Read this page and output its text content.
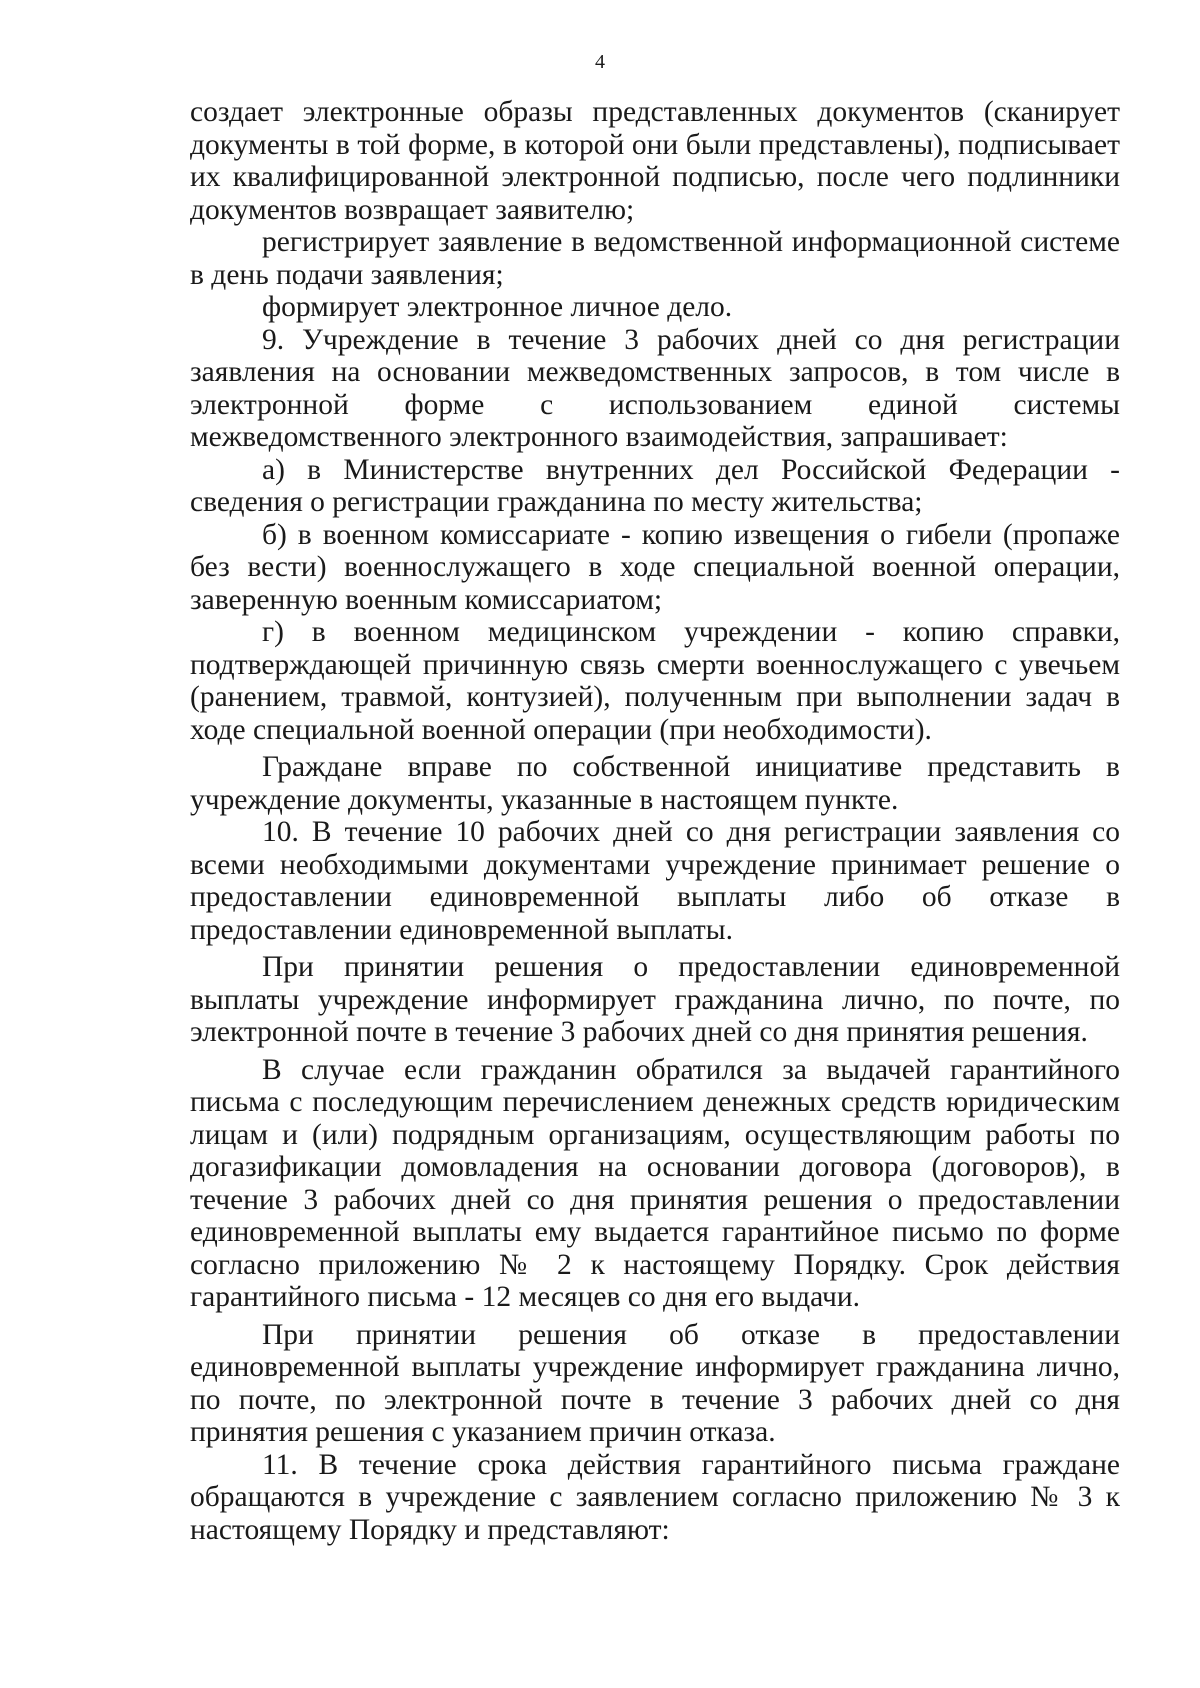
4

создает электронные образы представленных документов (сканирует документы в той форме, в которой они были представлены), подписывает их квалифицированной электронной подписью, после чего подлинники документов возвращает заявителю;

регистрирует заявление в ведомственной информационной системе в день подачи заявления;

формирует электронное личное дело.

9. Учреждение в течение 3 рабочих дней со дня регистрации заявления на основании межведомственных запросов, в том числе в электронной форме с использованием единой системы межведомственного электронного взаимодействия, запрашивает:

а) в Министерстве внутренних дел Российской Федерации - сведения о регистрации гражданина по месту жительства;

б) в военном комиссариате - копию извещения о гибели (пропаже без вести) военнослужащего в ходе специальной военной операции, заверенную военным комиссариатом;

г) в военном медицинском учреждении - копию справки, подтверждающей причинную связь смерти военнослужащего с увечьем (ранением, травмой, контузией), полученным при выполнении задач в ходе специальной военной операции (при необходимости).

Граждане вправе по собственной инициативе представить в учреждение документы, указанные в настоящем пункте.

10. В течение 10 рабочих дней со дня регистрации заявления со всеми необходимыми документами учреждение принимает решение о предоставлении единовременной выплаты либо об отказе в предоставлении единовременной выплаты.

При принятии решения о предоставлении единовременной выплаты учреждение информирует гражданина лично, по почте, по электронной почте в течение 3 рабочих дней со дня принятия решения.

В случае если гражданин обратился за выдачей гарантийного письма с последующим перечислением денежных средств юридическим лицам и (или) подрядным организациям, осуществляющим работы по догазификации домовладения на основании договора (договоров), в течение 3 рабочих дней со дня принятия решения о предоставлении единовременной выплаты ему выдается гарантийное письмо по форме согласно приложению № 2 к настоящему Порядку. Срок действия гарантийного письма - 12 месяцев со дня его выдачи.

При принятии решения об отказе в предоставлении единовременной выплаты учреждение информирует гражданина лично, по почте, по электронной почте в течение 3 рабочих дней со дня принятия решения с указанием причин отказа.

11. В течение срока действия гарантийного письма граждане обращаются в учреждение с заявлением согласно приложению № 3 к настоящему Порядку и представляют:
